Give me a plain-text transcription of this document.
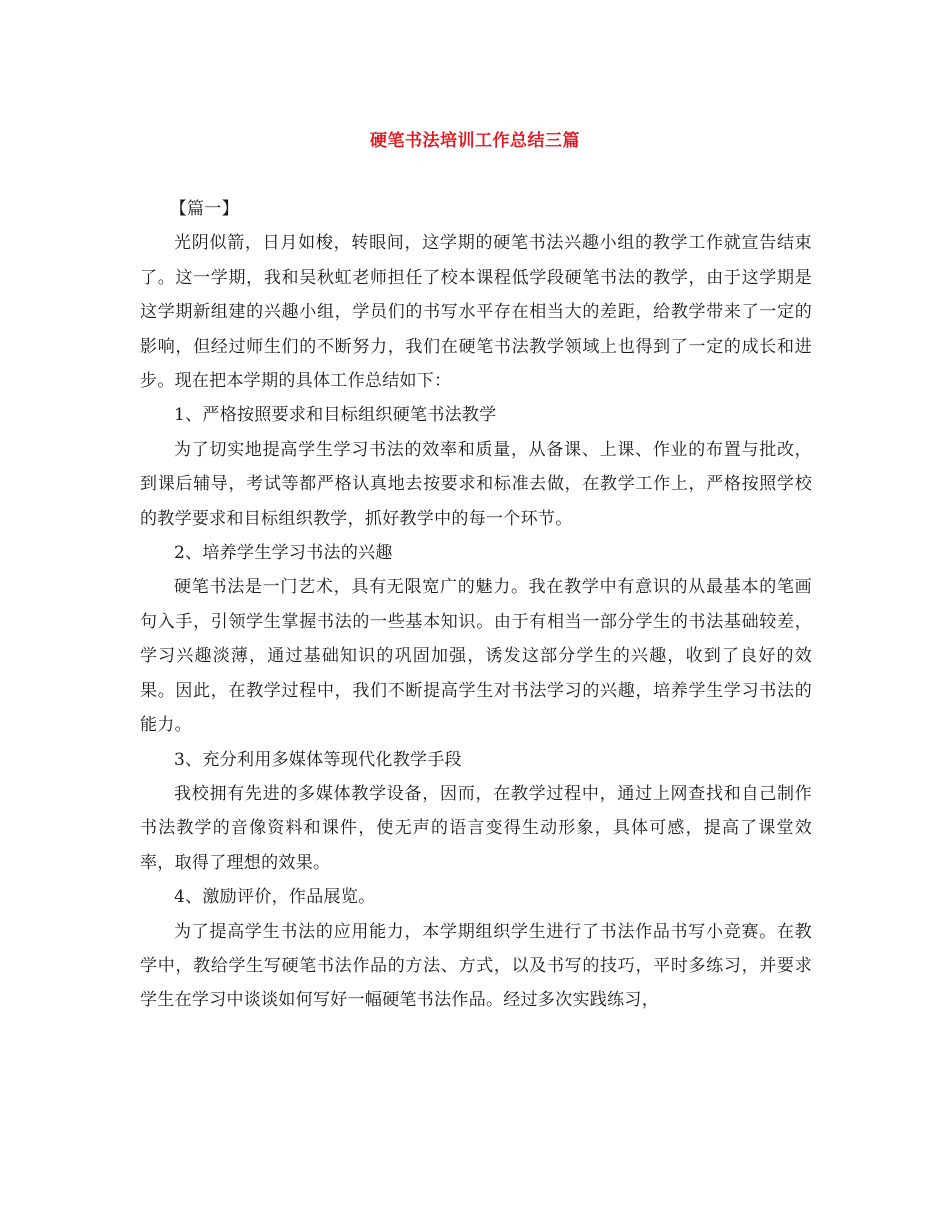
硬笔书法培训工作总结三篇

【篇一】

光阴似箭，日月如梭，转眼间，这学期的硬笔书法兴趣小组的教学工作就宣告结束了。这一学期，我和吴秋虹老师担任了校本课程低学段硬笔书法的教学，由于这学期是这学期新组建的兴趣小组，学员们的书写水平存在相当大的差距，给教学带来了一定的影响，但经过师生们的不断努力，我们在硬笔书法教学领域上也得到了一定的成长和进步。现在把本学期的具体工作总结如下：

1、严格按照要求和目标组织硬笔书法教学

为了切实地提高学生学习书法的效率和质量，从备课、上课、作业的布置与批改，到课后辅导，考试等都严格认真地去按要求和标准去做，在教学工作上，严格按照学校的教学要求和目标组织教学，抓好教学中的每一个环节。

2、培养学生学习书法的兴趣

硬笔书法是一门艺术，具有无限宽广的魅力。我在教学中有意识的从最基本的笔画句入手，引领学生掌握书法的一些基本知识。由于有相当一部分学生的书法基础较差，学习兴趣淡薄，通过基础知识的巩固加强，诱发这部分学生的兴趣，收到了良好的效果。因此，在教学过程中，我们不断提高学生对书法学习的兴趣，培养学生学习书法的能力。

3、充分利用多媒体等现代化教学手段

我校拥有先进的多媒体教学设备，因而，在教学过程中，通过上网查找和自己制作书法教学的音像资料和课件，使无声的语言变得生动形象，具体可感，提高了课堂效率，取得了理想的效果。

4、激励评价，作品展览。

为了提高学生书法的应用能力，本学期组织学生进行了书法作品书写小竞赛。在教学中，教给学生写硬笔书法作品的方法、方式，以及书写的技巧，平时多练习，并要求学生在学习中谈谈如何写好一幅硬笔书法作品。经过多次实践练习，
